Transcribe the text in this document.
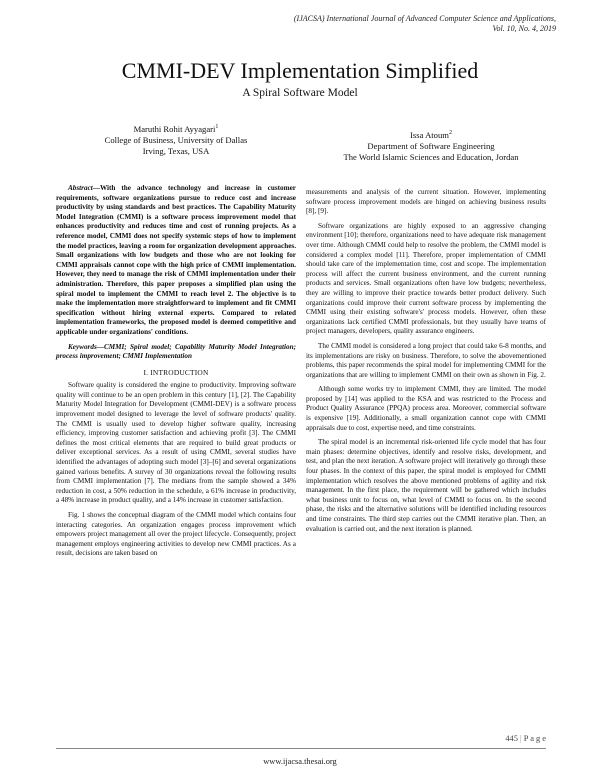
(IJACSA) International Journal of Advanced Computer Science and Applications,
Vol. 10, No. 4, 2019
CMMI-DEV Implementation Simplified
A Spiral Software Model
Maruthi Rohit Ayyagari$^1$
College of Business, University of Dallas
Irving, Texas, USA
Issa Atoum$^2$
Department of Software Engineering
The World Islamic Sciences and Education, Jordan

Abstract—With the advance technology and increase in customer requirements, software organizations pursue to reduce cost and increase productivity by using standards and best practices. The Capability Maturity Model Integration (CMMI) is a software process improvement model that enhances productivity and reduces time and cost of running projects. As a reference model, CMMI does not specify systemic steps of how to implement the model practices, leaving a room for organization development approaches. Small organizations with low budgets and those who are not looking for CMMI appraisals cannot cope with the high price of CMMI implementation. However, they need to manage the risk of CMMI implementation under their administration. Therefore, this paper proposes a simplified plan using the spiral model to implement the CMMI to reach level 2. The objective is to make the implementation more straightforward to implement and fit CMMI specification without hiring external experts. Compared to related implementation frameworks, the proposed model is deemed competitive and applicable under organizations' conditions.

Keywords—CMMI; Spiral model; Capability Maturity Model Integration; process improvement; CMMI Implementation

I. INTRODUCTION

Software quality is considered the engine to productivity. Improving software quality will continue to be an open problem in this century [1], [2]. The Capability Maturity Model Integration for Development (CMMI-DEV) is a software process improvement model designed to leverage the level of software products' quality. The CMMI is usually used to develop higher software quality, increasing efficiency, improving customer satisfaction and achieving profit [3]. The CMMI defines the most critical elements that are required to build great products or deliver exceptional services. As a result of using CMMI, several studies have identified the advantages of adopting such model [3]–[6] and several organizations gained various benefits. A survey of 30 organizations reveal the following results from CMMI implementation [7]. The medians from the sample showed a 34% reduction in cost, a 50% reduction in the schedule, a 61% increase in productivity, a 48% increase in product quality, and a 14% increase in customer satisfaction.

Fig. 1 shows the conceptual diagram of the CMMI model which contains four interacting categories. An organization engages process improvement which empowers project management all over the project lifecycle. Consequently, project management employs engineering activities to develop new CMMI practices. As a result, decisions are taken based on

measurements and analysis of the current situation. However, implementing software process improvement models are hinged on achieving business results [8], [9].

Software organizations are highly exposed to an aggressive changing environment [10]; therefore, organizations need to have adequate risk management over time. Although CMMI could help to resolve the problem, the CMMI model is considered a complex model [11]. Therefore, proper implementation of CMMI should take care of the implementation time, cost and scope. The implementation process will affect the current business environment, and the current running products and services. Small organizations often have low budgets; nevertheless, they are willing to improve their practice towards better product delivery. Such organizations could improve their current software process by implementing the CMMI using their existing software's' process models. However, often these organizations lack certified CMMI professionals, but they usually have teams of project managers, developers, quality assurance engineers.

The CMMI model is considered a long project that could take 6-8 months, and its implementations are risky on business. Therefore, to solve the abovementioned problems, this paper recommends the spiral model for implementing CMMI for the organizations that are willing to implement CMMI on their own as shown in Fig. 2.

Although some works try to implement CMMI, they are limited. The model proposed by [14] was applied to the KSA and was restricted to the Process and Product Quality Assurance (PPQA) process area. Moreover, commercial software is expensive [19]. Additionally, a small organization cannot cope with CMMI appraisals due to cost, expertise need, and time constraints.

The spiral model is an incremental risk-oriented life cycle model that has four main phases: determine objectives, identify and resolve risks, development, and test, and plan the next iteration. A software project will iteratively go through these four phases. In the context of this paper, the spiral model is employed for CMMI implementation which resolves the above mentioned problems of agility and risk management. In the first place, the requirement will be gathered which includes what business unit to focus on, what level of CMMI to focus on. In the second phase, the risks and the alternative solutions will be identified including resources and time constraints. The third step carries out the CMMI iterative plan. Then, an evaluation is carried out, and the next iteration is planned.

445 | P a g e
www.ijacsa.thesai.org
